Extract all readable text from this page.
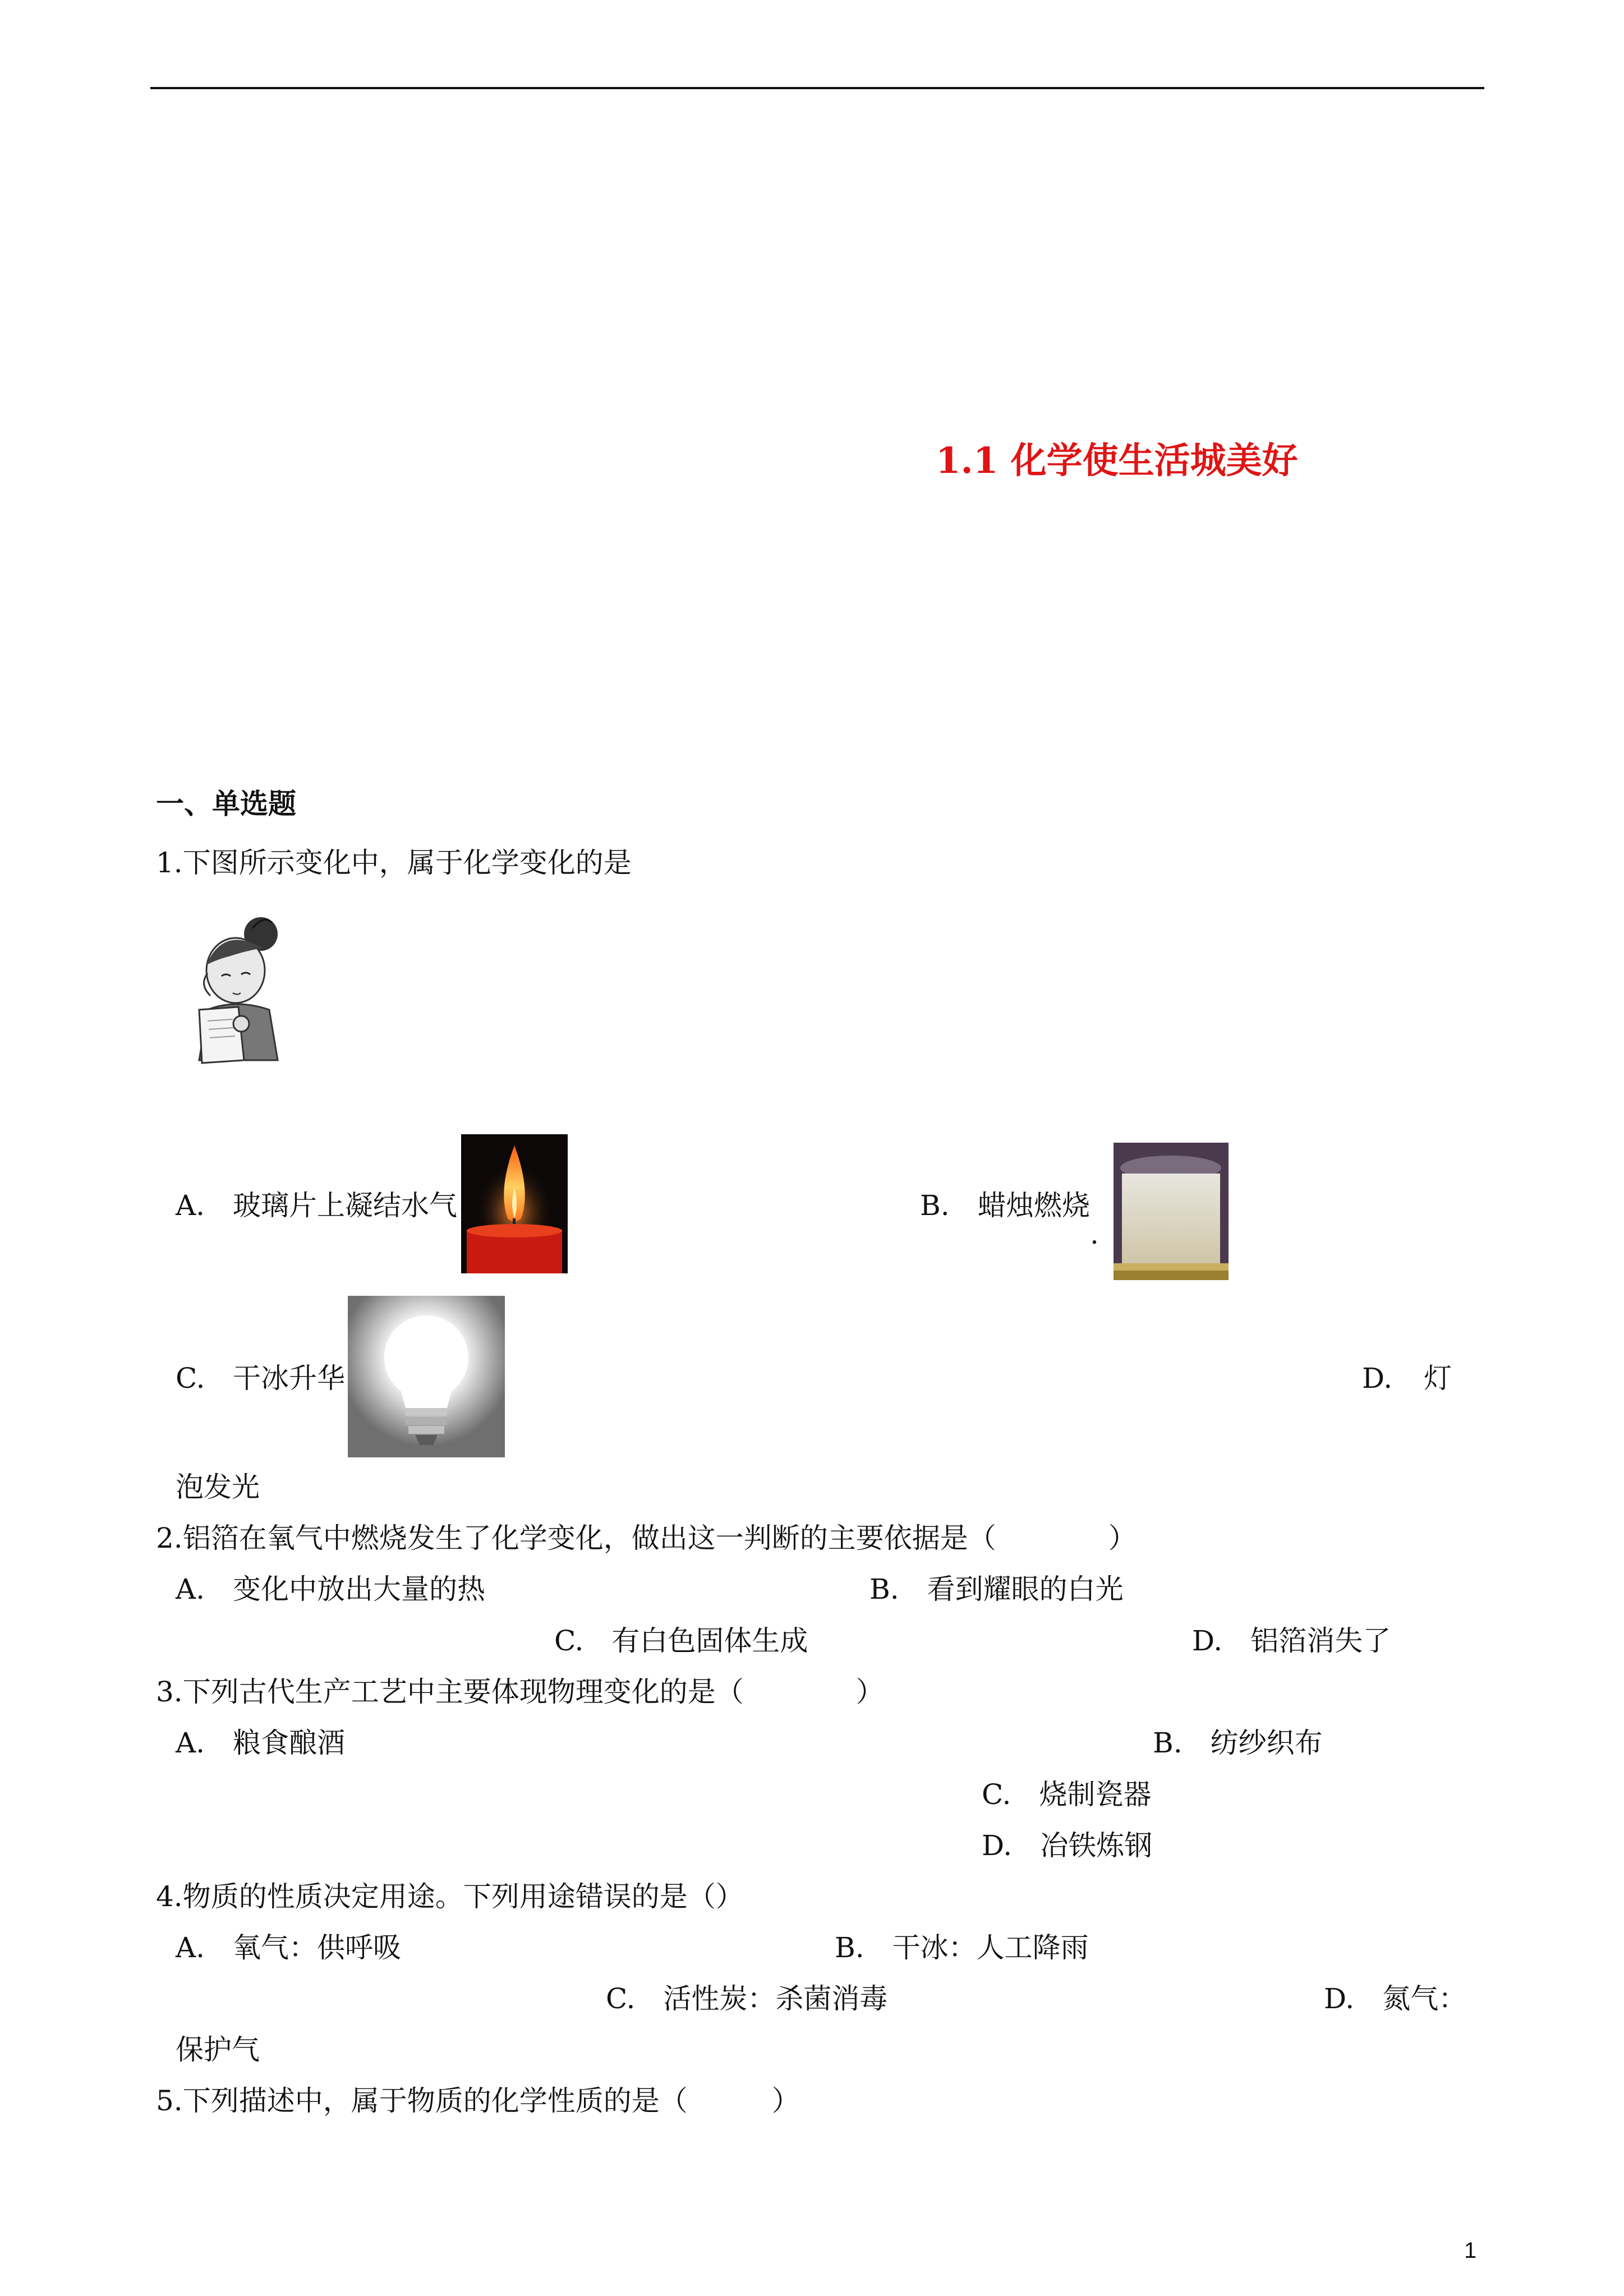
1.1 化学使生活城美好
一、单选题
1.下图所示变化中，属于化学变化的是
A. 玻璃片上凝结水气	B. 蜡烛燃烧
.
C. 干冰升华	D. 灯
泡发光
2.铝箔在氧气中燃烧发生了化学变化，做出这一判断的主要依据是（　　　　）
A.　变化中放出大量的热	B.　看到耀眼的白光
C.　有白色固体生成	D.　铝箔消失了
3.下列古代生产工艺中主要体现物理变化的是（　　　　）
A.　粮食酿酒	B.　纺纱织布
C.　烧制瓷器
D.　冶铁炼钢
4.物质的性质决定用途。下列用途错误的是（）
A.　氧气：供呼吸	B.　干冰：人工降雨
C.　活性炭：杀菌消毒	D.　氮气：
保护气
5.下列描述中，属于物质的化学性质的是（　　　）
1
